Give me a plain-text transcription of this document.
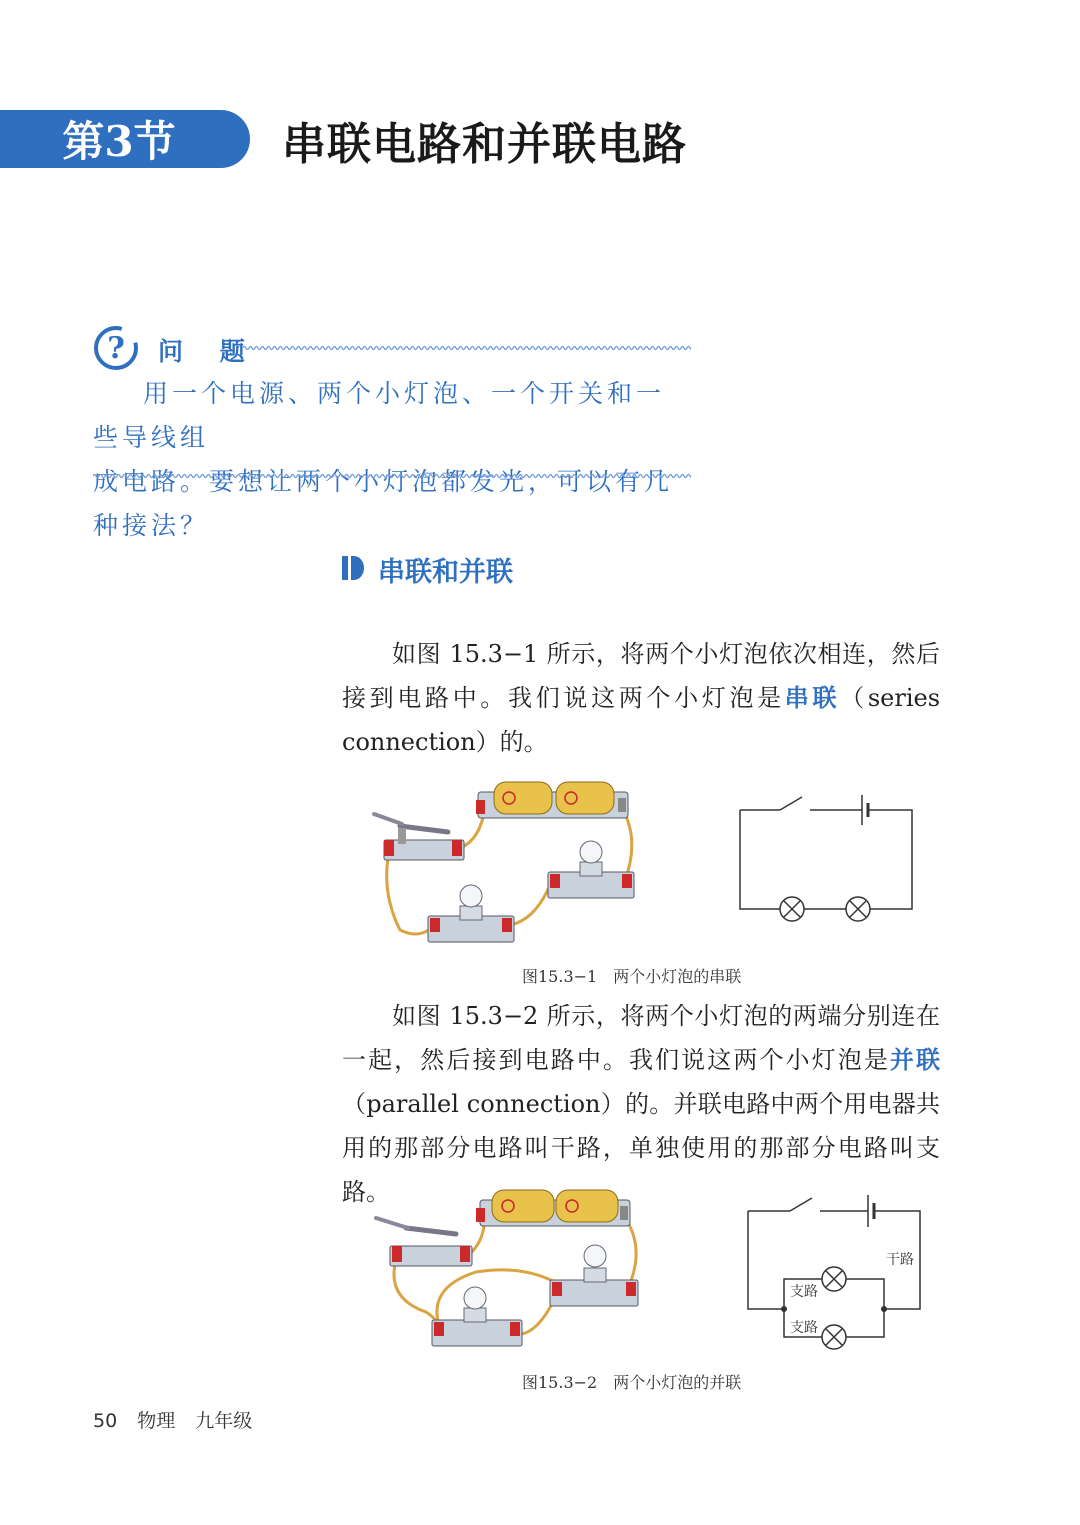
第3节	串联电路和并联电路
? 问 题

用一个电源、两个小灯泡、一个开关和一些导线组

成电路。要想让两个小灯泡都发光，可以有几种接法？

串联和并联
如图 15.3−1 所示，将两个小灯泡依次相连，然后接到电路中。我们说这两个小灯泡是串联（series connection）的。
图15.3−1　两个小灯泡的串联
如图 15.3−2 所示，将两个小灯泡的两端分别连在一起，然后接到电路中。我们说这两个小灯泡是并联（parallel connection）的。并联电路中两个用电器共用的那部分电路叫干路，单独使用的那部分电路叫支路。
干路
支路
支路
图15.3−2　两个小灯泡的并联
50 物理 九年级
